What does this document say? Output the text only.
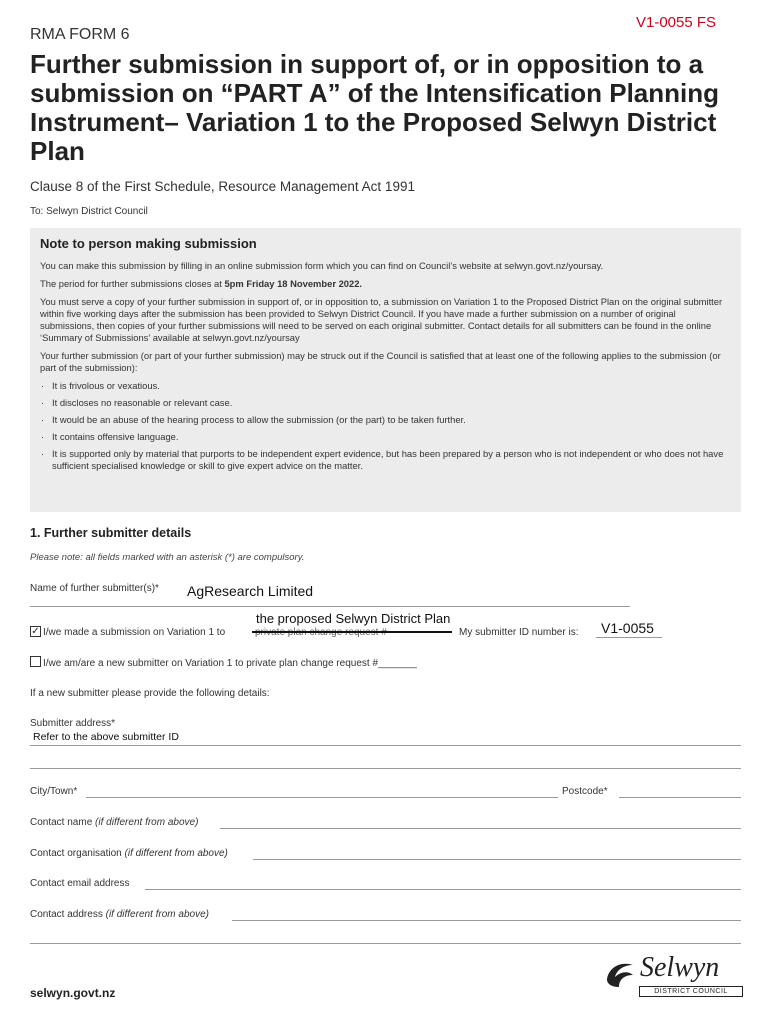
V1-0055 FS
RMA FORM 6
Further submission in support of, or in opposition to a submission on “PART A” of the Intensification Planning Instrument– Variation 1 to the Proposed Selwyn District Plan
Clause 8 of the First Schedule, Resource Management Act 1991
To: Selwyn District Council
Note to person making submission

You can make this submission by filling in an online submission form which you can find on Council’s website at selwyn.govt.nz/yoursay.

The period for further submissions closes at 5pm Friday 18 November 2022.

You must serve a copy of your further submission in support of, or in opposition to, a submission on Variation 1 to the Proposed District Plan on the original submitter within five working days after the submission has been provided to Selwyn District Council. If you have made a further submission on a number of original submissions, then copies of your further submissions will need to be served on each original submitter. Contact details for all submitters can be found in the online ‘Summary of Submissions’ available at selwyn.govt.nz/yoursay

Your further submission (or part of your further submission) may be struck out if the Council is satisfied that at least one of the following applies to the submission (or part of the submission):

· It is frivolous or vexatious.
· It discloses no reasonable or relevant case.
· It would be an abuse of the hearing process to allow the submission (or the part) to be taken further.
· It contains offensive language.
· It is supported only by material that purports to be independent expert evidence, but has been prepared by a person who is not independent or who does not have sufficient specialised knowledge or skill to give expert advice on the matter.
1. Further submitter details
Please note: all fields marked with an asterisk (*) are compulsory.
Name of further submitter(s)* AgResearch Limited
✓ I/we made a submission on Variation 1 to
the proposed Selwyn District Plan
My submitter ID number is: V1-0055
I/we am/are a new submitter on Variation 1 to private plan change request #_______
If a new submitter please provide the following details:
Submitter address*
Refer to the above submitter ID
City/Town*	Postcode*
Contact name (if different from above)
Contact organisation (if different from above)
Contact email address
Contact address (if different from above)
selwyn.govt.nz
Selwyn
DISTRICT COUNCIL
